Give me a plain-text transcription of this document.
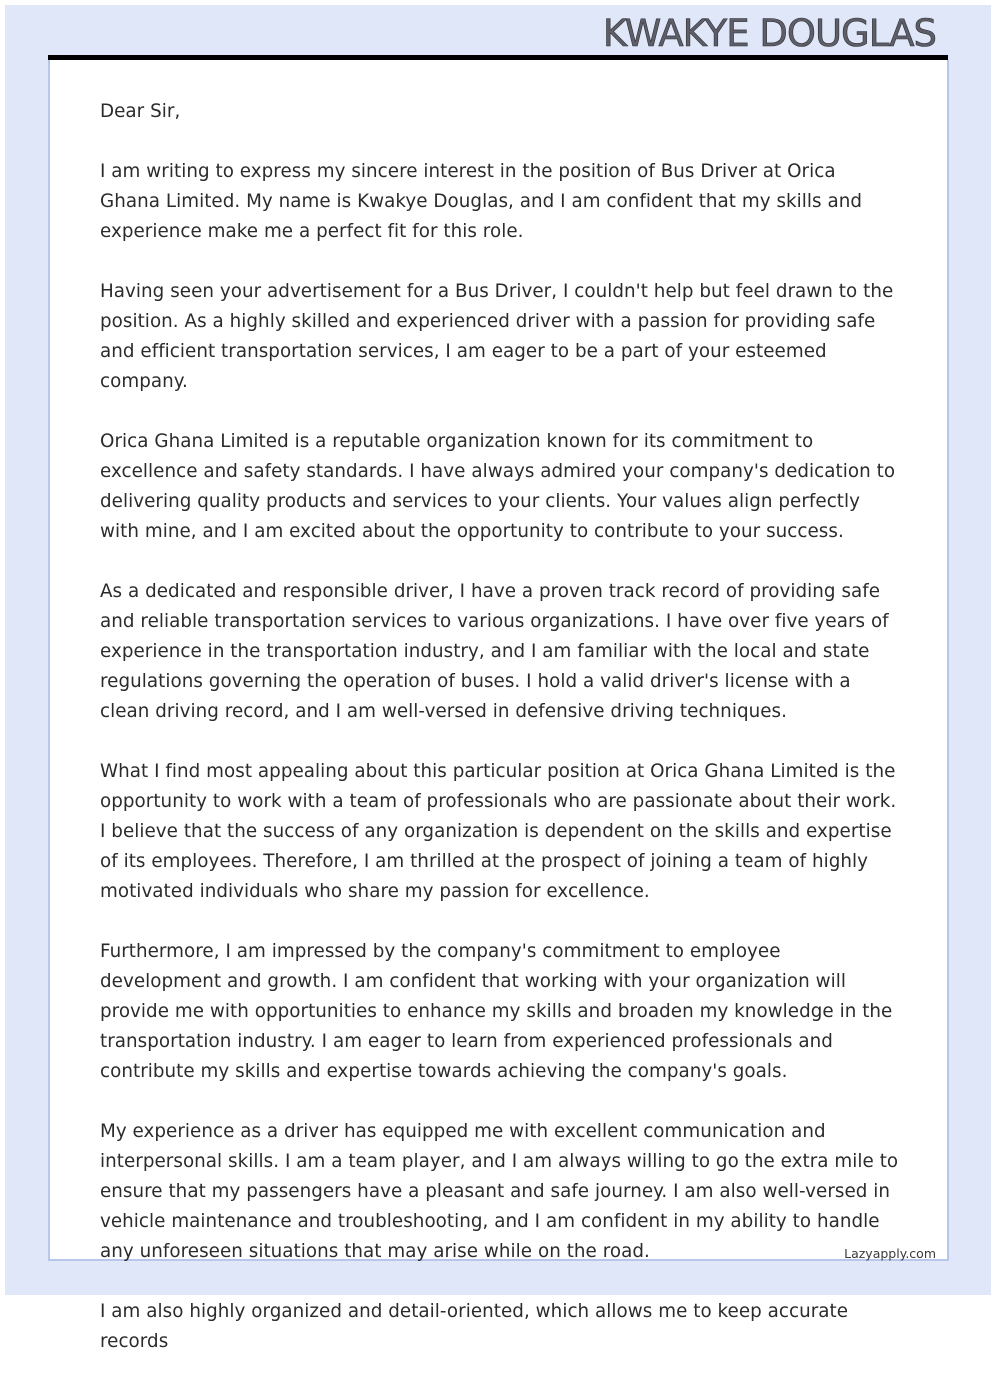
KWAKYE DOUGLAS

Dear Sir,

I am writing to express my sincere interest in the position of Bus Driver at Orica Ghana Limited. My name is Kwakye Douglas, and I am confident that my skills and experience make me a perfect fit for this role.

Having seen your advertisement for a Bus Driver, I couldn't help but feel drawn to the position. As a highly skilled and experienced driver with a passion for providing safe and efficient transportation services, I am eager to be a part of your esteemed company.

Orica Ghana Limited is a reputable organization known for its commitment to excellence and safety standards. I have always admired your company's dedication to delivering quality products and services to your clients. Your values align perfectly with mine, and I am excited about the opportunity to contribute to your success.

As a dedicated and responsible driver, I have a proven track record of providing safe and reliable transportation services to various organizations. I have over five years of experience in the transportation industry, and I am familiar with the local and state regulations governing the operation of buses. I hold a valid driver's license with a clean driving record, and I am well-versed in defensive driving techniques.

What I find most appealing about this particular position at Orica Ghana Limited is the opportunity to work with a team of professionals who are passionate about their work. I believe that the success of any organization is dependent on the skills and expertise of its employees. Therefore, I am thrilled at the prospect of joining a team of highly motivated individuals who share my passion for excellence.

Furthermore, I am impressed by the company's commitment to employee development and growth. I am confident that working with your organization will provide me with opportunities to enhance my skills and broaden my knowledge in the transportation industry. I am eager to learn from experienced professionals and contribute my skills and expertise towards achieving the company's goals.

My experience as a driver has equipped me with excellent communication and interpersonal skills. I am a team player, and I am always willing to go the extra mile to ensure that my passengers have a pleasant and safe journey. I am also well-versed in vehicle maintenance and troubleshooting, and I am confident in my ability to handle any unforeseen situations that may arise while on the road.

I am also highly organized and detail-oriented, which allows me to keep accurate records

Lazyapply.com
